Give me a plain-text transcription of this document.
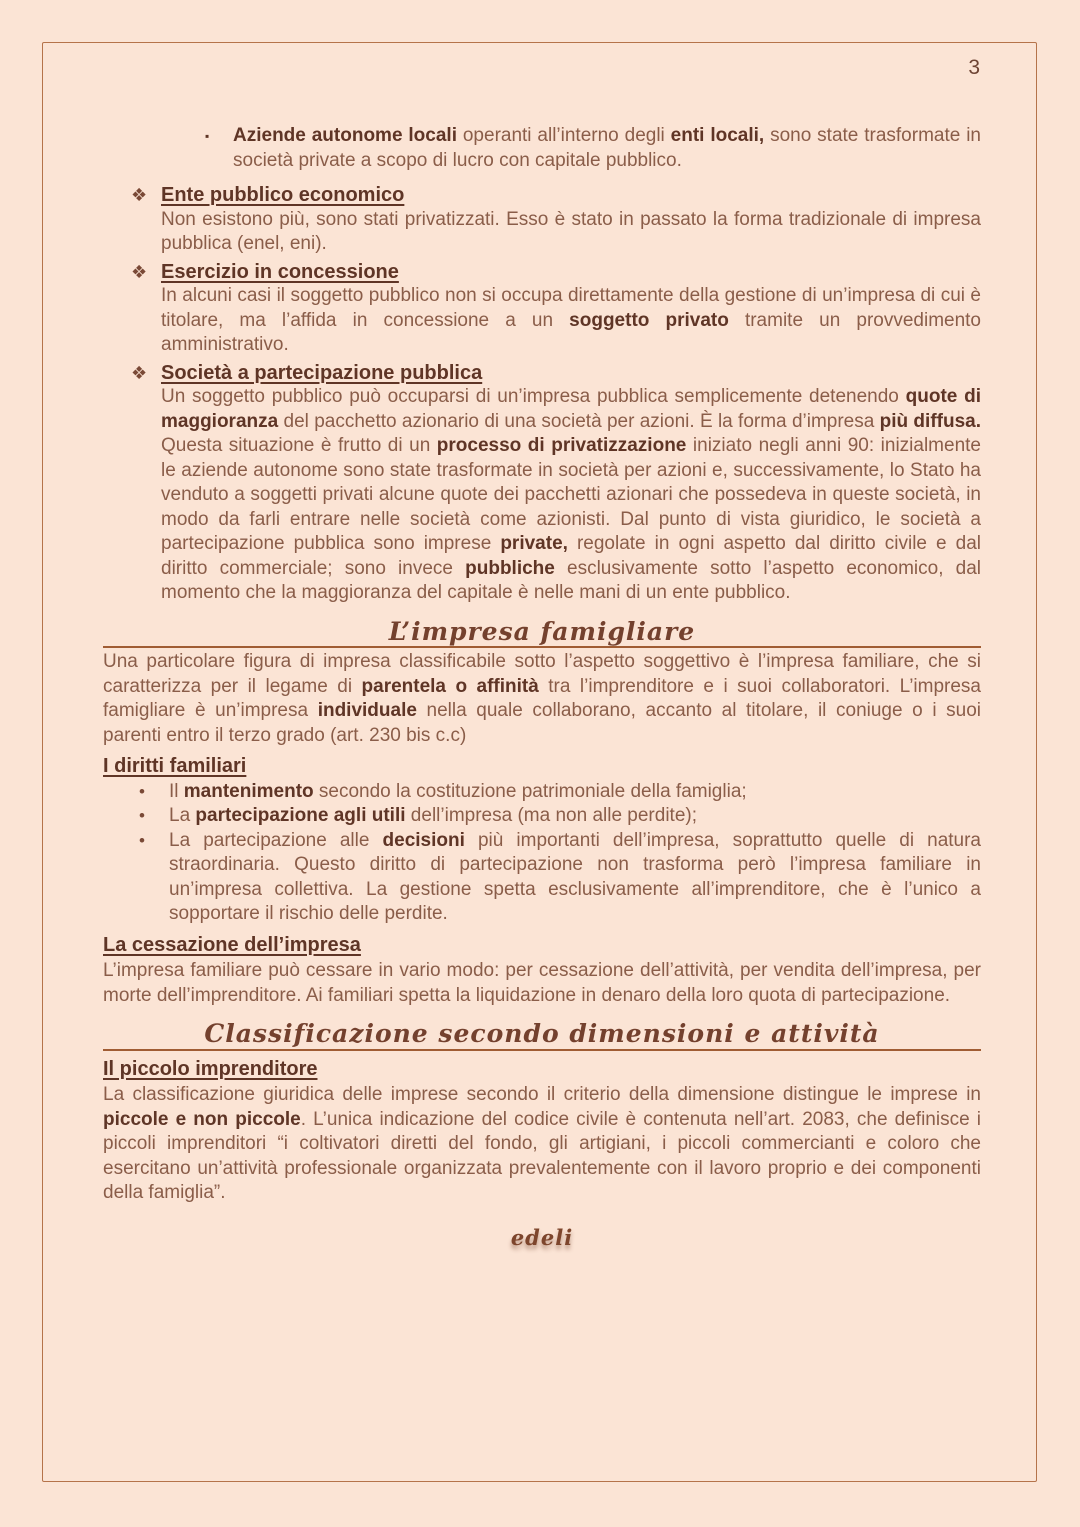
3
▪	Aziende autonome locali operanti all’interno degli enti locali, sono state trasformate in società private a scopo di lucro con capitale pubblico.
❖ Ente pubblico economico
Non esistono più, sono stati privatizzati. Esso è stato in passato la forma tradizionale di impresa pubblica (enel, eni).
❖ Esercizio in concessione
In alcuni casi il soggetto pubblico non si occupa direttamente della gestione di un’impresa di cui è titolare, ma l’affida in concessione a un soggetto privato tramite un provvedimento amministrativo.
❖ Società a partecipazione pubblica
Un soggetto pubblico può occuparsi di un’impresa pubblica semplicemente detenendo quote di maggioranza del pacchetto azionario di una società per azioni. È la forma d’impresa più diffusa. Questa situazione è frutto di un processo di privatizzazione iniziato negli anni 90: inizialmente le aziende autonome sono state trasformate in società per azioni e, successivamente, lo Stato ha venduto a soggetti privati alcune quote dei pacchetti azionari che possedeva in queste società, in modo da farli entrare nelle società come azionisti. Dal punto di vista giuridico, le società a partecipazione pubblica sono imprese private, regolate in ogni aspetto dal diritto civile e dal diritto commerciale; sono invece pubbliche esclusivamente sotto l’aspetto economico, dal momento che la maggioranza del capitale è nelle mani di un ente pubblico.
L’impresa famigliare
Una particolare figura di impresa classificabile sotto l’aspetto soggettivo è l’impresa familiare, che si caratterizza per il legame di parentela o affinità tra l’imprenditore e i suoi collaboratori. L’impresa famigliare è un’impresa individuale nella quale collaborano, accanto al titolare, il coniuge o i suoi parenti entro il terzo grado (art. 230 bis c.c)
I diritti familiari
•	Il mantenimento secondo la costituzione patrimoniale della famiglia;
•	La partecipazione agli utili dell’impresa (ma non alle perdite);
•	La partecipazione alle decisioni più importanti dell’impresa, soprattutto quelle di natura straordinaria. Questo diritto di partecipazione non trasforma però l’impresa familiare in un’impresa collettiva. La gestione spetta esclusivamente all’imprenditore, che è l’unico a sopportare il rischio delle perdite.
La cessazione dell’impresa
L’impresa familiare può cessare in vario modo: per cessazione dell’attività, per vendita dell’impresa, per morte dell’imprenditore. Ai familiari spetta la liquidazione in denaro della loro quota di partecipazione.
Classificazione secondo dimensioni e attività
Il piccolo imprenditore
La classificazione giuridica delle imprese secondo il criterio della dimensione distingue le imprese in piccole e non piccole. L’unica indicazione del codice civile è contenuta nell’art. 2083, che definisce i piccoli imprenditori “i coltivatori diretti del fondo, gli artigiani, i piccoli commercianti e coloro che esercitano un’attività professionale organizzata prevalentemente con il lavoro proprio e dei componenti della famiglia”.
edeli
